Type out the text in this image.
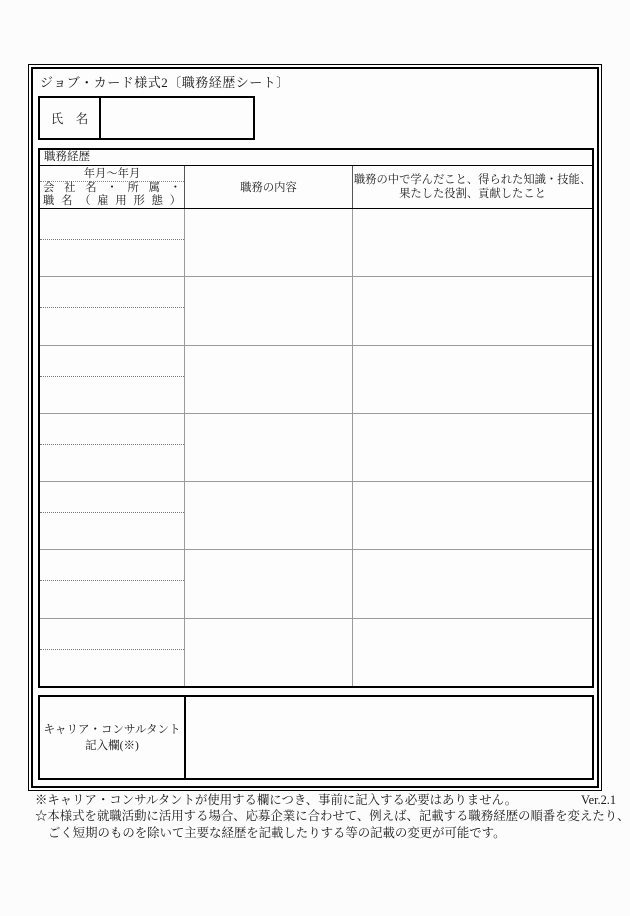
ジョブ・カード様式2〔職務経歴シート〕
氏　名
職務経歴
年月〜年月
会社名・所属・
職名（雇用形態）
職務の内容
職務の中で学んだこと、得られた知識・技能、
果たした役割、貢献したこと
キャリア・コンサルタント
記入欄(※)
※キャリア・コンサルタントが使用する欄につき、事前に記入する必要はありません。	Ver.2.1
☆本様式を就職活動に活用する場合、応募企業に合わせて、例えば、記載する職務経歴の順番を変えたり、
ごく短期のものを除いて主要な経歴を記載したりする等の記載の変更が可能です。
